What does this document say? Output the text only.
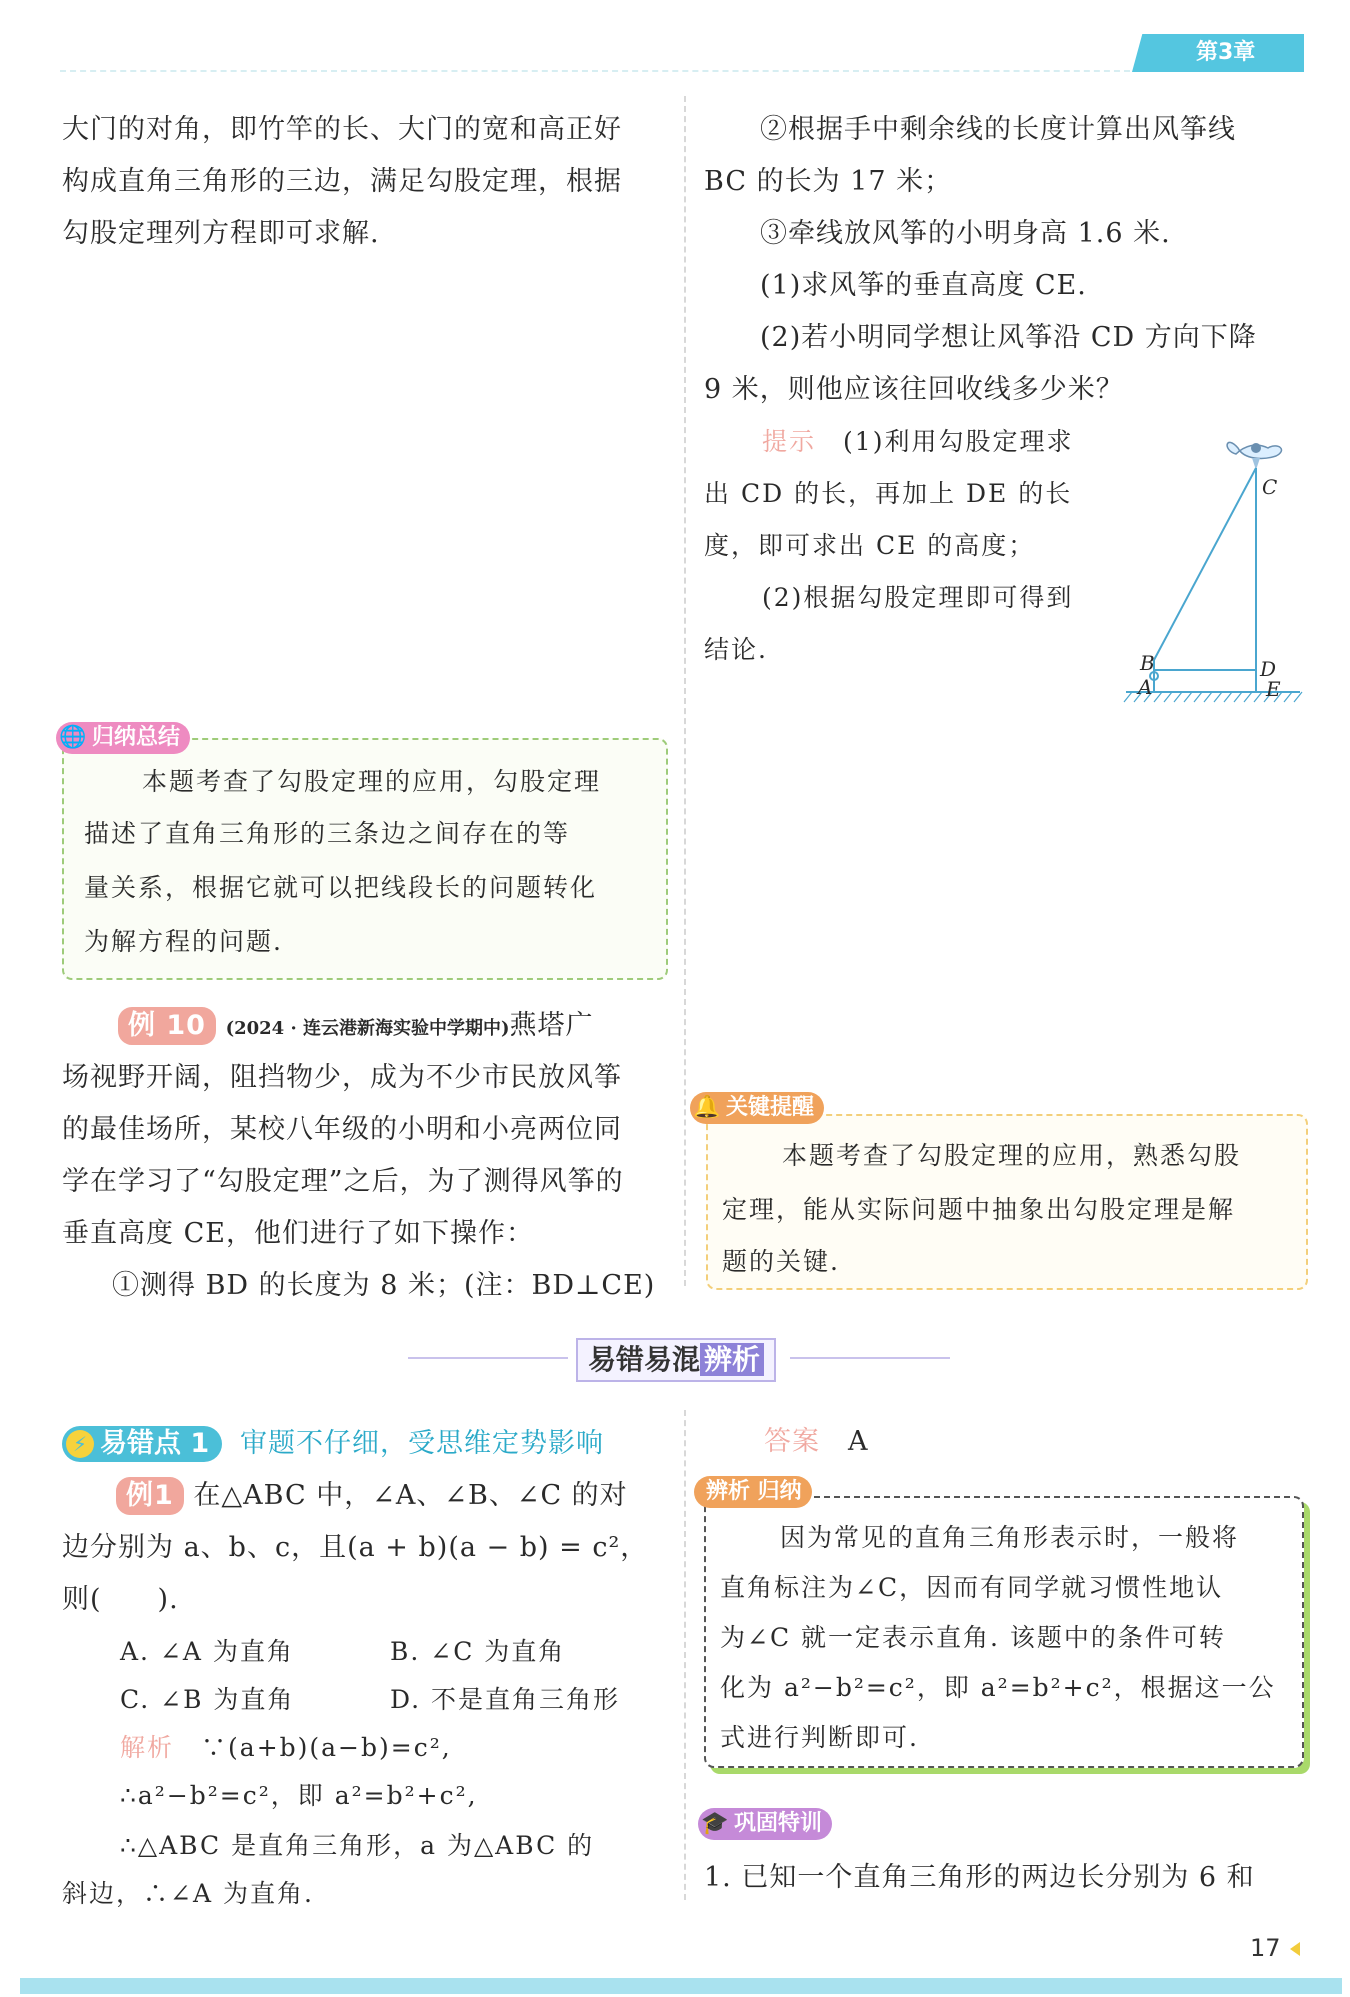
第3章
大门的对角，即竹竿的长、大门的宽和高正好
构成直角三角形的三边，满足勾股定理，根据
勾股定理列方程即可求解.
🌐 归纳总结
本题考查了勾股定理的应用，勾股定理
描述了直角三角形的三条边之间存在的等
量关系，根据它就可以把线段长的问题转化
为解方程的问题.
例 10 (2024 · 连云港新海实验中学期中)燕塔广
场视野开阔，阻挡物少，成为不少市民放风筝
的最佳场所，某校八年级的小明和小亮两位同
学在学习了“勾股定理”之后，为了测得风筝的
垂直高度 CE，他们进行了如下操作：
①测得 BD 的长度为 8 米；(注：BD⊥CE)
②根据手中剩余线的长度计算出风筝线
BC 的长为 17 米；
③牵线放风筝的小明身高 1.6 米.
(1)求风筝的垂直高度 CE.
(2)若小明同学想让风筝沿 CD 方向下降
9 米，则他应该往回收线多少米？
提示　 (1)利用勾股定理求
出 CD 的长，再加上 DE 的长
度，即可求出 CE 的高度；
(2)根据勾股定理即可得到
结论.
C
B
A
D
E
🔔 关键提醒
本题考查了勾股定理的应用，熟悉勾股
定理，能从实际问题中抽象出勾股定理是解
题的关键.
易错易混 辨析
⚡ 易错点 1	审题不仔细，受思维定势影响
例1 在△ABC 中，∠A、∠B、∠C 的对
边分别为 a、b、c，且(a + b)(a − b) = c²，
则(　　).
A. ∠A 为直角	B. ∠C 为直角
C. ∠B 为直角	D. 不是直角三角形
解析　 ∵(a+b)(a−b)=c²,
∴a²−b²=c²，即 a²=b²+c²,
∴△ABC 是直角三角形，a 为△ABC 的
斜边，∴∠A 为直角.
答案　 A
辨析 归纳
因为常见的直角三角形表示时，一般将
直角标注为∠C，因而有同学就习惯性地认
为∠C 就一定表示直角. 该题中的条件可转
化为 a²−b²=c²，即 a²=b²+c²，根据这一公
式进行判断即可.
🎓 巩固特训
1. 已知一个直角三角形的两边长分别为 6 和
17
